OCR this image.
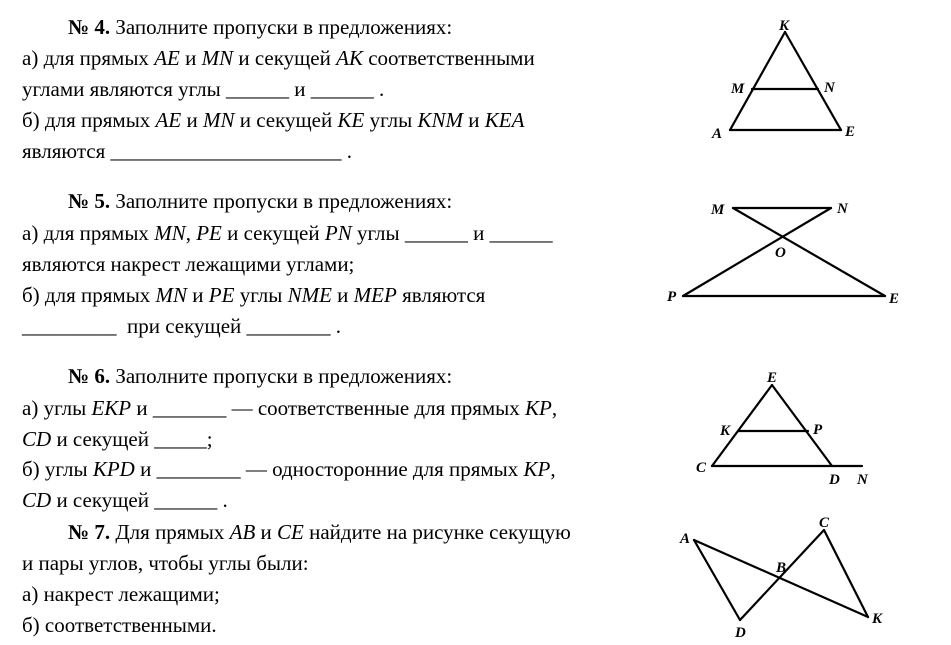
№ 4. Заполните пропуски в предложениях:
а) для прямых AE и MN и секущей AK соответственными
углами являются углы ______ и ______ .
б) для прямых AE и MN и секущей KE углы KNM и KEA
являются ______________________ .
№ 5. Заполните пропуски в предложениях:
а) для прямых MN, PE и секущей PN углы ______ и ______
являются накрест лежащими углами;
б) для прямых MN и PE углы NME и MEP являются
_________  при секущей ________ .
№ 6. Заполните пропуски в предложениях:
а) углы EKP и _______ — соответственные для прямых KP,
CD и секущей _____;
б) углы KPD и ________ — односторонние для прямых KP,
CD и секущей ______ .
№ 7. Для прямых AB и CE найдите на рисунке секущую
и пары углов, чтобы углы были:
а) накрест лежащими;
б) соответственными.
K
M	N
A	E
M	N
O
P	E
E
K	P
C
D N
A
C
B
K
D
